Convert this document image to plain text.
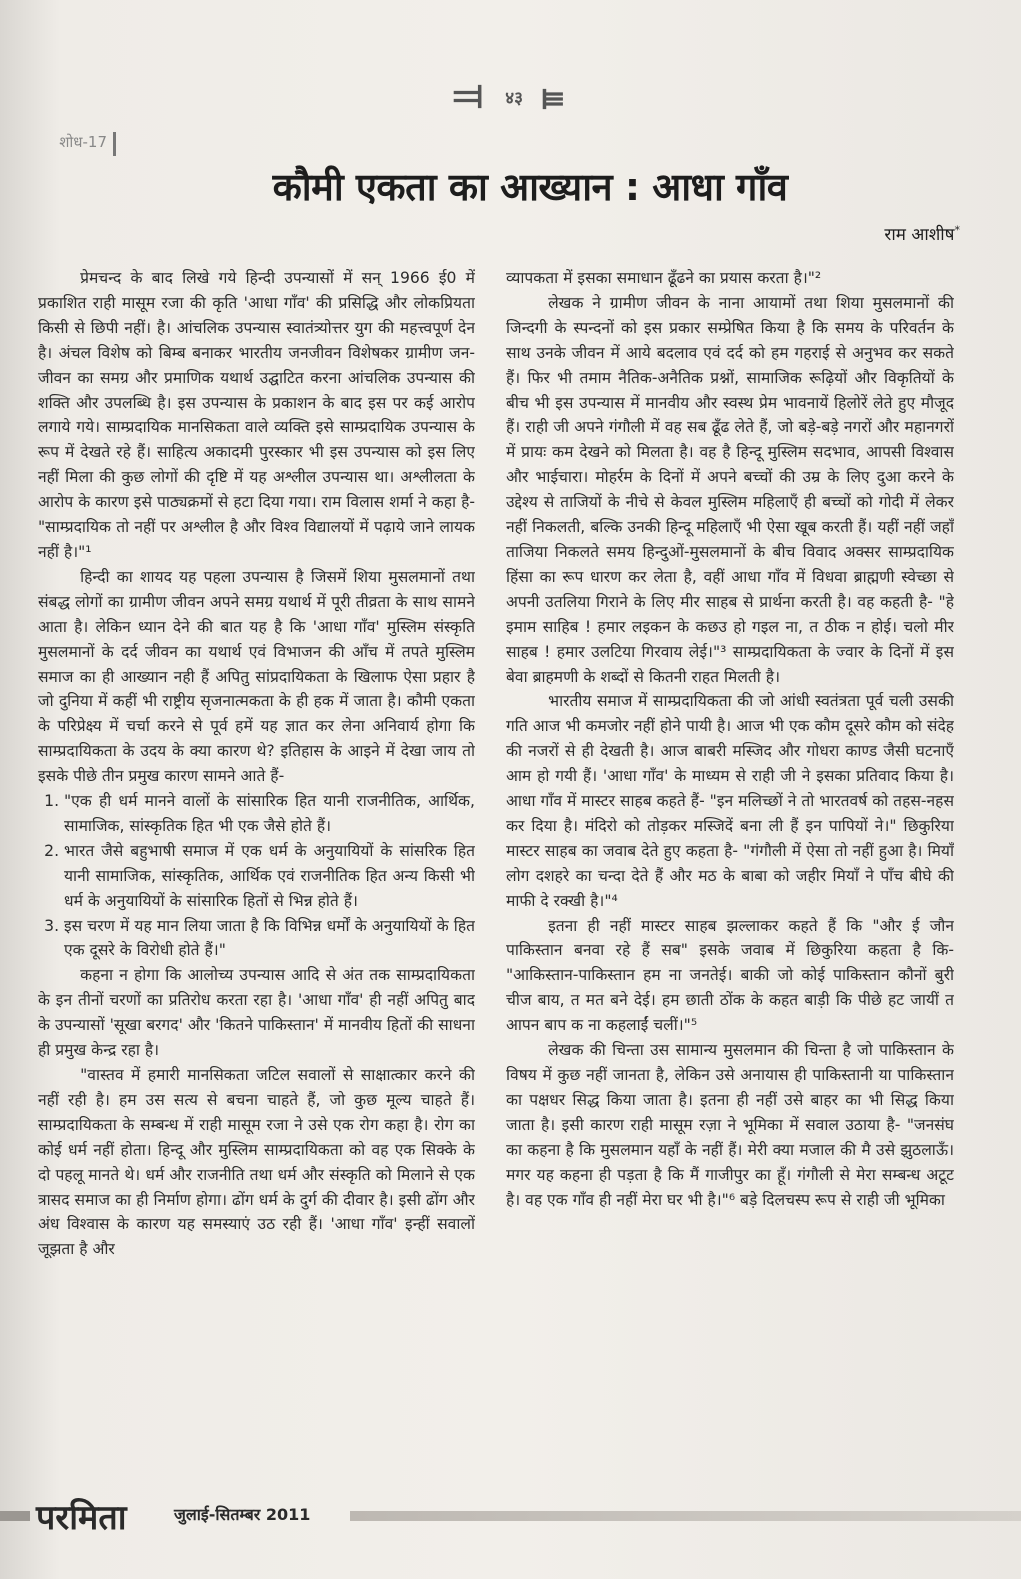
⫤ ४३ ⫢
शोध-17
कौमी एकता का आख्यान : आधा गाँव
राम आशीष*

प्रेमचन्द के बाद लिखे गये हिन्दी उपन्यासों में सन् 1966 ई0 में प्रकाशित राही मासूम रजा की कृति 'आधा गाँव' की प्रसिद्धि और लोकप्रियता किसी से छिपी नहीं। है। आंचलिक उपन्यास स्वातंत्र्योत्तर युग की महत्त्वपूर्ण देन है। अंचल विशेष को बिम्ब बनाकर भारतीय जनजीवन विशेषकर ग्रामीण जन-जीवन का समग्र और प्रमाणिक यथार्थ उद्घाटित करना आंचलिक उपन्यास की शक्ति और उपलब्धि है। इस उपन्यास के प्रकाशन के बाद इस पर कई आरोप लगाये गये। साम्प्रदायिक मानसिकता वाले व्यक्ति इसे साम्प्रदायिक उपन्यास के रूप में देखते रहे हैं। साहित्य अकादमी पुरस्कार भी इस उपन्यास को इस लिए नहीं मिला की कुछ लोगों की दृष्टि में यह अश्लील उपन्यास था। अश्लीलता के आरोप के कारण इसे पाठ्यक्रमों से हटा दिया गया। राम विलास शर्मा ने कहा है- "साम्प्रदायिक तो नहीं पर अश्लील है और विश्व विद्यालयों में पढ़ाये जाने लायक नहीं है।"¹

हिन्दी का शायद यह पहला उपन्यास है जिसमें शिया मुसलमानों तथा संबद्ध लोगों का ग्रामीण जीवन अपने समग्र यथार्थ में पूरी तीव्रता के साथ सामने आता है। लेकिन ध्यान देने की बात यह है कि 'आधा गाँव' मुस्लिम संस्कृति मुसलमानों के दर्द जीवन का यथार्थ एवं विभाजन की आँच में तपते मुस्लिम समाज का ही आख्यान नही हैं अपितु सांप्रदायिकता के खिलाफ ऐसा प्रहार है जो दुनिया में कहीं भी राष्ट्रीय सृजनात्मकता के ही हक में जाता है। कौमी एकता के परिप्रेक्ष्य में चर्चा करने से पूर्व हमें यह ज्ञात कर लेना अनिवार्य होगा कि साम्प्रदायिकता के उदय के क्या कारण थे? इतिहास के आइने में देखा जाय तो इसके पीछे तीन प्रमुख कारण सामने आते हैं-

1. "एक ही धर्म मानने वालों के सांसारिक हित यानी राजनीतिक, आर्थिक, सामाजिक, सांस्कृतिक हित भी एक जैसे होते हैं।
2. भारत जैसे बहुभाषी समाज में एक धर्म के अनुयायियों के सांसरिक हित यानी सामाजिक, सांस्कृतिक, आर्थिक एवं राजनीतिक हित अन्य किसी भी धर्म के अनुयायियों के सांसारिक हितों से भिन्न होते हैं।
3. इस चरण में यह मान लिया जाता है कि विभिन्न धर्मों के अनुयायियों के हित एक दूसरे के विरोधी होते हैं।"

कहना न होगा कि आलोच्य उपन्यास आदि से अंत तक साम्प्रदायिकता के इन तीनों चरणों का प्रतिरोध करता रहा है। 'आधा गाँव' ही नहीं अपितु बाद के उपन्यासों 'सूखा बरगद' और 'कितने पाकिस्तान' में मानवीय हितों की साधना ही प्रमुख केन्द्र रहा है।

"वास्तव में हमारी मानसिकता जटिल सवालों से साक्षात्कार करने की नहीं रही है। हम उस सत्य से बचना चाहते हैं, जो कुछ मूल्य चाहते हैं। साम्प्रदायिकता के सम्बन्ध में राही मासूम रजा ने उसे एक रोग कहा है। रोग का कोई धर्म नहीं होता। हिन्दू और मुस्लिम साम्प्रदायिकता को वह एक सिक्के के दो पहलू मानते थे। धर्म और राजनीति तथा धर्म और संस्कृति को मिलाने से एक त्रासद समाज का ही निर्माण होगा। ढोंग धर्म के दुर्ग की दीवार है। इसी ढोंग और अंध विश्वास के कारण यह समस्याएं उठ रही हैं। 'आधा गाँव' इन्हीं सवालों जूझता है और

व्यापकता में इसका समाधान ढूँढने का प्रयास करता है।"²

लेखक ने ग्रामीण जीवन के नाना आयामों तथा शिया मुसलमानों की जिन्दगी के स्पन्दनों को इस प्रकार सम्प्रेषित किया है कि समय के परिवर्तन के साथ उनके जीवन में आये बदलाव एवं दर्द को हम गहराई से अनुभव कर सकते हैं। फिर भी तमाम नैतिक-अनैतिक प्रश्नों, सामाजिक रूढ़ियों और विकृतियों के बीच भी इस उपन्यास में मानवीय और स्वस्थ प्रेम भावनायें हिलोरें लेते हुए मौजूद हैं। राही जी अपने गंगौली में वह सब ढूँढ लेते हैं, जो बड़े-बड़े नगरों और महानगरों में प्रायः कम देखने को मिलता है। वह है हिन्दू मुस्लिम सदभाव, आपसी विश्वास और भाईचारा। मोहर्रम के दिनों में अपने बच्चों की उम्र के लिए दुआ करने के उद्देश्य से ताजियों के नीचे से केवल मुस्लिम महिलाएँ ही बच्चों को गोदी में लेकर नहीं निकलती, बल्कि उनकी हिन्दू महिलाएँ भी ऐसा खूब करती हैं। यहीं नहीं जहाँ ताजिया निकलते समय हिन्दुओं-मुसलमानों के बीच विवाद अक्सर साम्प्रदायिक हिंसा का रूप धारण कर लेता है, वहीं आधा गाँव में विधवा ब्राह्मणी स्वेच्छा से अपनी उतलिया गिराने के लिए मीर साहब से प्रार्थना करती है। वह कहती है- "हे इमाम साहिब ! हमार लइकन के कछउ हो गइल ना, त ठीक न होई। चलो मीर साहब ! हमार उलटिया गिरवाय लेई।"³ साम्प्रदायिकता के ज्वार के दिनों में इस बेवा ब्राहमणी के शब्दों से कितनी राहत मिलती है।

भारतीय समाज में साम्प्रदायिकता की जो आंधी स्वतंत्रता पूर्व चली उसकी गति आज भी कमजोर नहीं होने पायी है। आज भी एक कौम दूसरे कौम को संदेह की नजरों से ही देखती है। आज बाबरी मस्जिद और गोधरा काण्ड जैसी घटनाएँ आम हो गयी हैं। 'आधा गाँव' के माध्यम से राही जी ने इसका प्रतिवाद किया है। आधा गाँव में मास्टर साहब कहते हैं- "इन मलिच्छों ने तो भारतवर्ष को तहस-नहस कर दिया है। मंदिरो को तोड़कर मस्जिदें बना ली हैं इन पापियों ने।" छिकुरिया मास्टर साहब का जवाब देते हुए कहता है- "गंगौली में ऐसा तो नहीं हुआ है। मियाँ लोग दशहरे का चन्दा देते हैं और मठ के बाबा को जहीर मियाँ ने पाँच बीघे की माफी दे रक्खी है।"⁴

इतना ही नहीं मास्टर साहब झल्लाकर कहते हैं कि "और ई जौन पाकिस्तान बनवा रहे हैं सब" इसके जवाब में छिकुरिया कहता है कि- "आकिस्तान-पाकिस्तान हम ना जनतेई। बाकी जो कोई पाकिस्तान कौनों बुरी चीज बाय, त मत बने देई। हम छाती ठोंक के कहत बाड़ी कि पीछे हट जायीं त आपन बाप क ना कहलाईं चलीं।"⁵

लेखक की चिन्ता उस सामान्य मुसलमान की चिन्ता है जो पाकिस्तान के विषय में कुछ नहीं जानता है, लेकिन उसे अनायास ही पाकिस्तानी या पाकिस्तान का पक्षधर सिद्ध किया जाता है। इतना ही नहीं उसे बाहर का भी सिद्ध किया जाता है। इसी कारण राही मासूम रज़ा ने भूमिका में सवाल उठाया है- "जनसंघ का कहना है कि मुसलमान यहाँ के नहीं हैं। मेरी क्या मजाल की मै उसे झुठलाऊँ। मगर यह कहना ही पड़ता है कि मैं गाजीपुर का हूँ। गंगौली से मेरा सम्बन्ध अटूट है। वह एक गाँव ही नहीं मेरा घर भी है।"⁶ बड़े दिलचस्प रूप से राही जी भूमिका

परमिता	जुलाई-सितम्बर 2011
